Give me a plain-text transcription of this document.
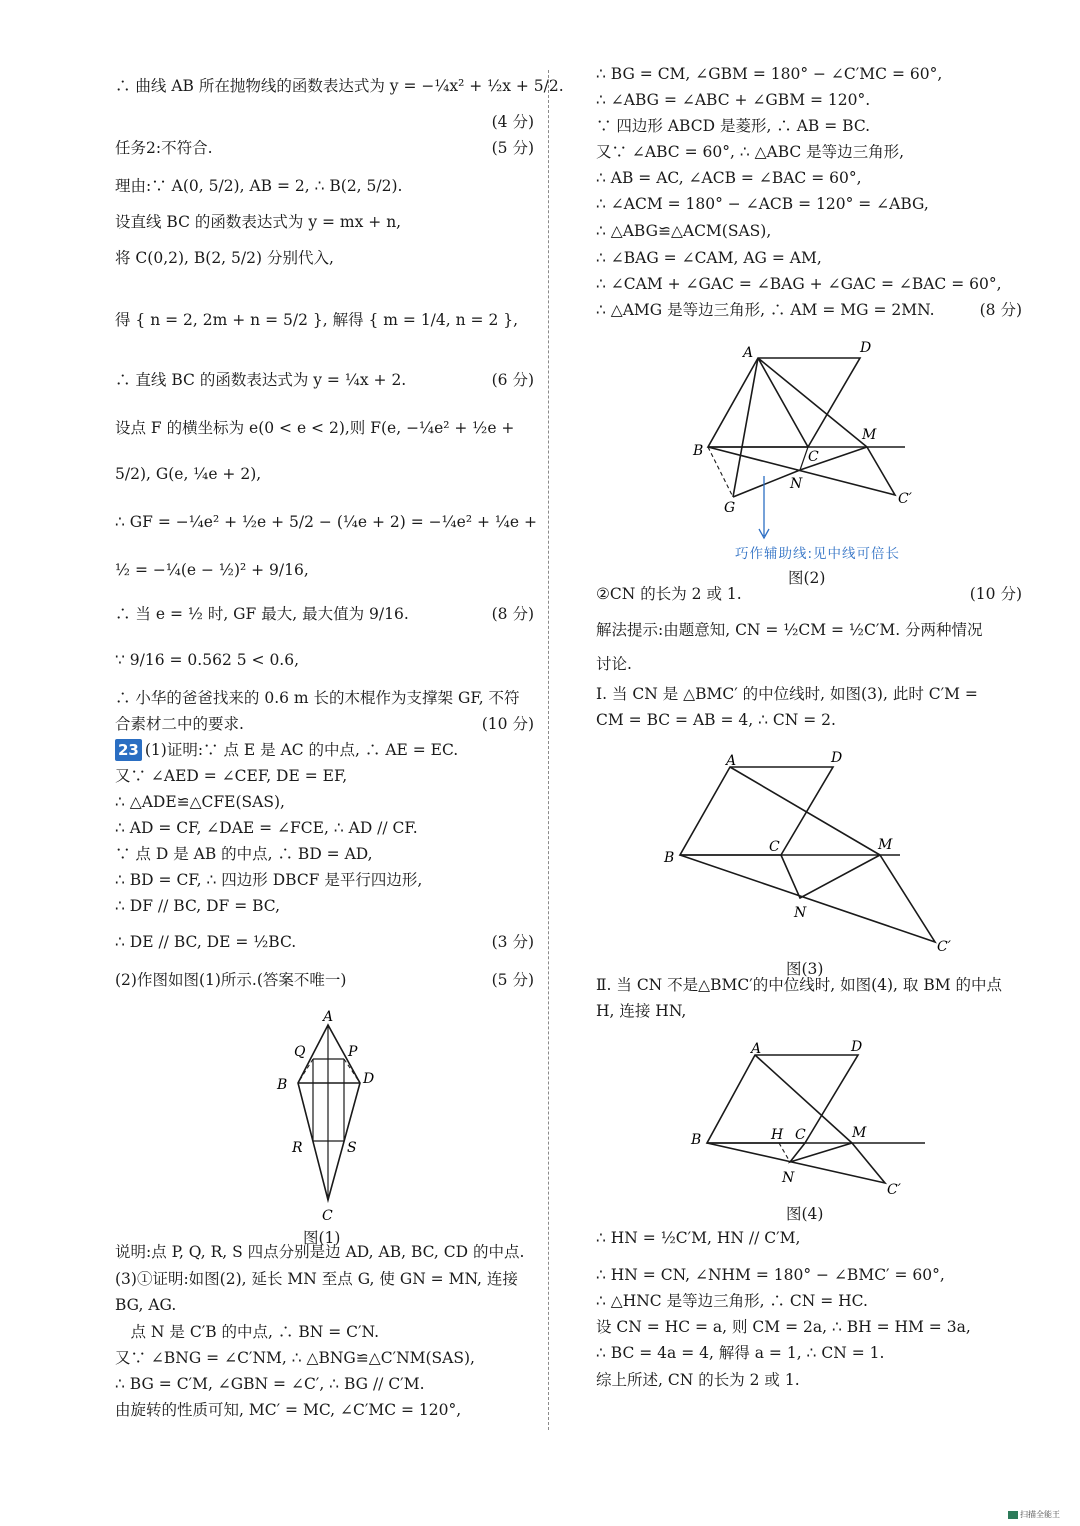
∴ 曲线 AB 所在抛物线的函数表达式为 y = −¼x² + ½x + 5/2.
任务2:不符合.
理由:∵ A(0, 5/2), AB = 2, ∴ B(2, 5/2).
设直线 BC 的函数表达式为 y = mx + n,
将 C(0,2), B(2, 5/2) 分别代入,
得 { n = 2, 2m + n = 5/2 }, 解得 { m = 1/4, n = 2 },
∴ 直线 BC 的函数表达式为 y = ¼x + 2.
设点 F 的横坐标为 e(0 < e < 2),则 F(e, −¼e² + ½e +
5/2), G(e, ¼e + 2),
∴ GF = −¼e² + ½e + 5/2 − (¼e + 2) = −¼e² + ¼e +
½ = −¼(e − ½)² + 9/16,
∴ 当 e = ½ 时, GF 最大, 最大值为 9/16.
∵ 9/16 = 0.562 5 < 0.6,
∴ 小华的爸爸找来的 0.6 m 长的木棍作为支撑架 GF, 不符
合素材二中的要求.
23 (1)证明:∵ 点 E 是 AC 的中点, ∴ AE = EC.
又∵ ∠AED = ∠CEF, DE = EF,
∴ △ADE≌△CFE(SAS),
∴ AD = CF, ∠DAE = ∠FCE, ∴ AD // CF.
∵ 点 D 是 AB 的中点, ∴ BD = AD,
∴ BD = CF, ∴ 四边形 DBCF 是平行四边形,
∴ DF // BC, DF = BC,
∴ DE // BC, DE = ½BC.
(2)作图如图(1)所示.(答案不唯一)
说明:点 P, Q, R, S 四点分别是边 AD, AB, BC, CD 的中点.
(3)①证明:如图(2), 延长 MN 至点 G, 使 GN = MN, 连接
BG, AG.
　点 N 是 C′B 的中点, ∴ BN = C′N.
又∵ ∠BNG = ∠C′NM, ∴ △BNG≌△C′NM(SAS),
∴ BG = C′M, ∠GBN = ∠C′, ∴ BG // C′M.
由旋转的性质可知, MC′ = MC, ∠C′MC = 120°,
(4 分)
(5 分)
(6 分)
(8 分)
(10 分)
(3 分)
(5 分)
∴ BG = CM, ∠GBM = 180° − ∠C′MC = 60°,
∴ ∠ABG = ∠ABC + ∠GBM = 120°.
∵ 四边形 ABCD 是菱形, ∴ AB = BC.
又∵ ∠ABC = 60°, ∴ △ABC 是等边三角形,
∴ AB = AC, ∠ACB = ∠BAC = 60°,
∴ ∠ACM = 180° − ∠ACB = 120° = ∠ABG,
∴ △ABG≌△ACM(SAS),
∴ ∠BAG = ∠CAM, AG = AM,
∴ ∠CAM + ∠GAC = ∠BAG + ∠GAC = ∠BAC = 60°,
∴ △AMG 是等边三角形, ∴ AM = MG = 2MN.
②CN 的长为 2 或 1.
解法提示:由题意知, CN = ½CM = ½C′M. 分两种情况
讨论.
Ⅰ. 当 CN 是 △BMC′ 的中位线时, 如图(3), 此时 C′M =
CM = BC = AB = 4, ∴ CN = 2.
Ⅱ. 当 CN 不是△BMC′的中位线时, 如图(4), 取 BM 的中点
H, 连接 HN,
∴ HN = ½C′M, HN // C′M,
∴ HN = CN, ∠NHM = 180° − ∠BMC′ = 60°,
∴ △HNC 是等边三角形, ∴ CN = HC.
设 CN = HC = a, 则 CM = 2a, ∴ BH = HM = 3a,
∴ BC = 4a = 4, 解得 a = 1, ∴ CN = 1.
综上所述, CN 的长为 2 或 1.
(8 分)
(10 分)
A
Q	P
B	D
R	S
C
图(1)
A	D
M
B	C
N
C′
G
巧作辅助线:见中线可倍长
图(2)
A	D
B
C	M
N
C′
图(3)
A	D
B	H C	M
N
C′
图(4)
扫描全能王
